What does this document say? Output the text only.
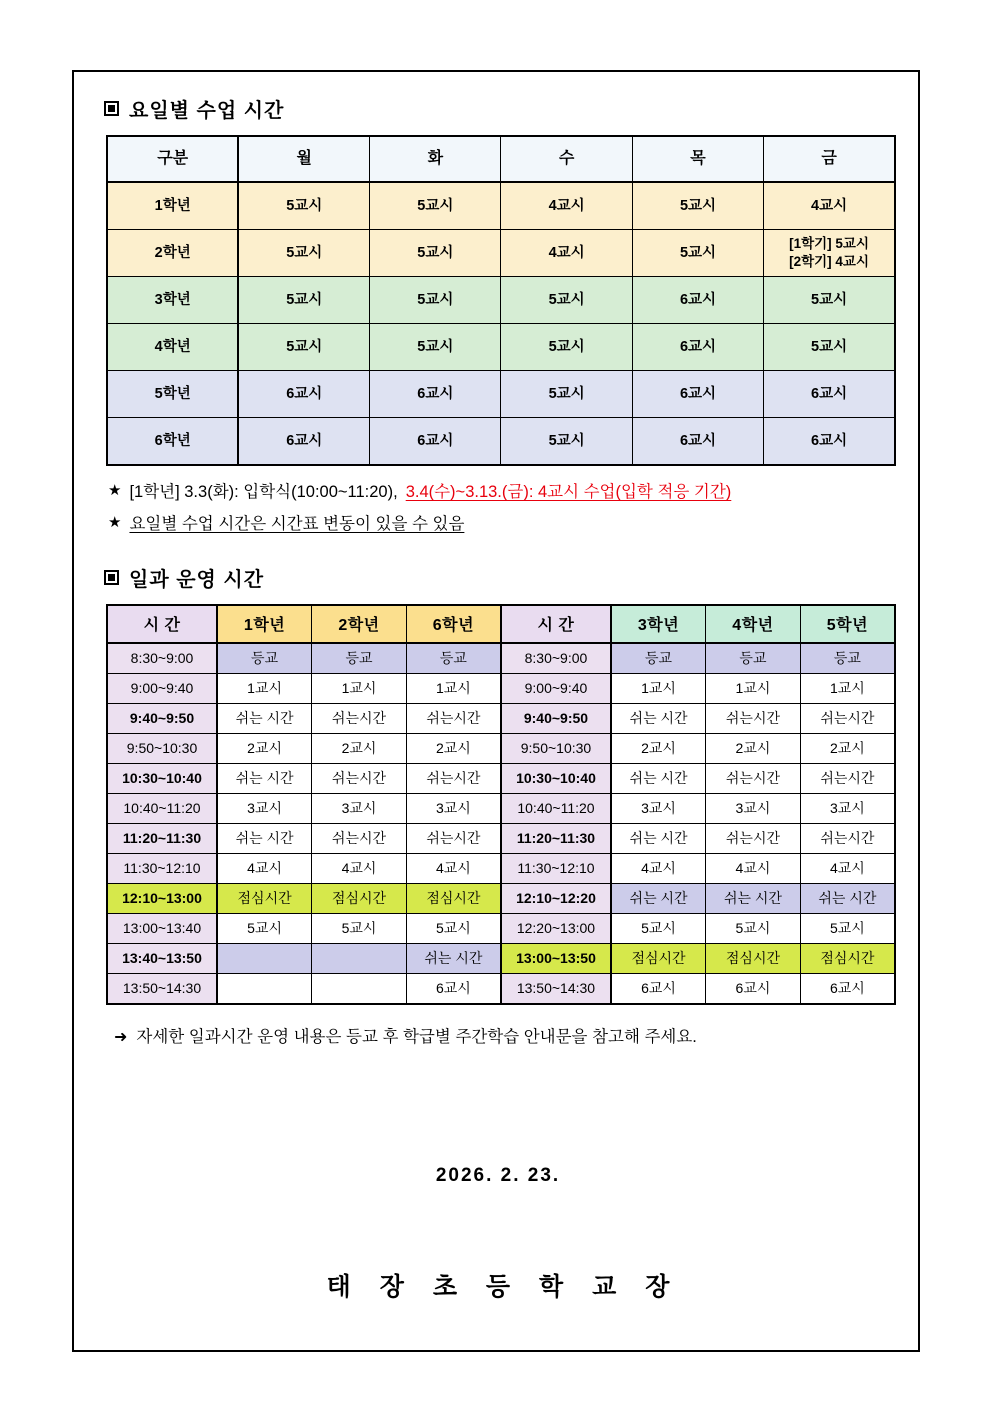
요일별 수업 시간
구분	월	화	수	목	금
1학년	5교시	5교시	4교시	5교시	4교시
2학년	5교시	5교시	4교시	5교시	[1학기] 5교시
[2학기] 4교시
3학년	5교시	5교시	5교시	6교시	5교시
4학년	5교시	5교시	5교시	6교시	5교시
5학년	6교시	6교시	5교시	6교시	6교시
6학년	6교시	6교시	5교시	6교시	6교시
★ [1학년] 3.3(화): 입학식(10:00~11:20), 3.4(수)~3.13.(금): 4교시 수업(입학 적응 기간)
★ 요일별 수업 시간은 시간표 변동이 있을 수 있음
일과 운영 시간
시 간	1학년	2학년	6학년	시 간	3학년	4학년	5학년
8:30~9:00	등교	등교	등교	8:30~9:00	등교	등교	등교
9:00~9:40	1교시	1교시	1교시	9:00~9:40	1교시	1교시	1교시
9:40~9:50	쉬는 시간	쉬는시간	쉬는시간	9:40~9:50	쉬는 시간	쉬는시간	쉬는시간
9:50~10:30	2교시	2교시	2교시	9:50~10:30	2교시	2교시	2교시
10:30~10:40	쉬는 시간	쉬는시간	쉬는시간	10:30~10:40	쉬는 시간	쉬는시간	쉬는시간
10:40~11:20	3교시	3교시	3교시	10:40~11:20	3교시	3교시	3교시
11:20~11:30	쉬는 시간	쉬는시간	쉬는시간	11:20~11:30	쉬는 시간	쉬는시간	쉬는시간
11:30~12:10	4교시	4교시	4교시	11:30~12:10	4교시	4교시	4교시
12:10~13:00	점심시간	점심시간	점심시간	12:10~12:20	쉬는 시간	쉬는 시간	쉬는 시간
13:00~13:40	5교시	5교시	5교시	12:20~13:00	5교시	5교시	5교시
13:40~13:50			쉬는 시간	13:00~13:50	점심시간	점심시간	점심시간
13:50~14:30			6교시	13:50~14:30	6교시	6교시	6교시
➜ 자세한 일과시간 운영 내용은 등교 후 학급별 주간학습 안내문을 참고해 주세요.
2026. 2. 23.
태 장 초 등 학 교 장
